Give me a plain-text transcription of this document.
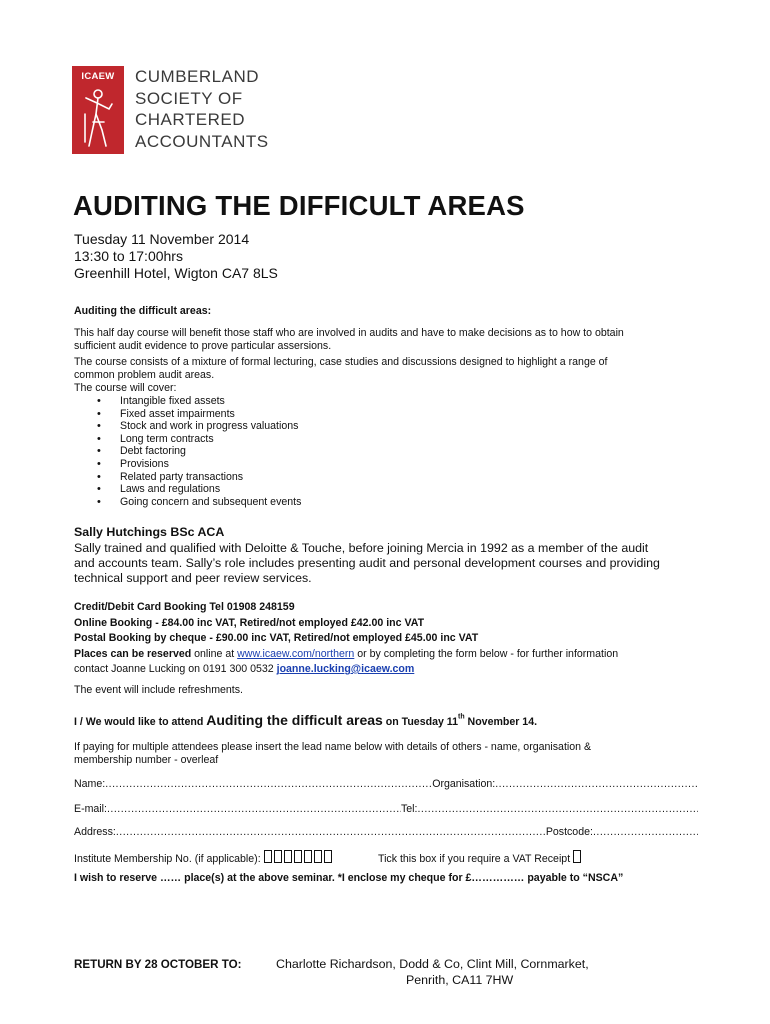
ICAEW	CUMBERLAND
SOCIETY OF
CHARTERED
ACCOUNTANTS
AUDITING THE DIFFICULT AREAS
Tuesday 11 November 2014
13:30 to 17:00hrs
Greenhill Hotel, Wigton CA7 8LS
Auditing the difficult areas:
This half day course will benefit those staff who are involved in audits and have to make decisions as to how to obtain
sufficient audit evidence to prove particular assersions.
The course consists of a mixture of formal lecturing, case studies and discussions designed to highlight a range of
common problem audit areas.
The course will cover:
• Intangible fixed assets
• Fixed asset impairments
• Stock and work in progress valuations
• Long term contracts
• Debt factoring
• Provisions
• Related party transactions
• Laws and regulations
• Going concern and subsequent events
Sally Hutchings BSc ACA
Sally trained and qualified with Deloitte & Touche, before joining Mercia in 1992 as a member of the audit
and accounts team. Sally’s role includes presenting audit and personal development courses and providing
technical support and peer review services.
Credit/Debit Card Booking Tel 01908 248159
Online Booking - £84.00 inc VAT, Retired/not employed £42.00 inc VAT
Postal Booking by cheque - £90.00 inc VAT, Retired/not employed £45.00 inc VAT
Places can be reserved online at www.icaew.com/northern or by completing the form below - for further information
contact Joanne Lucking on 0191 300 0532 joanne.lucking@icaew.com
The event will include refreshments.
I / We would like to attend Auditing the difficult areas on Tuesday 11th November 14.
If paying for multiple attendees please insert the lead name below with details of others - name, organisation &
membership number - overleaf
Name: .....	Organisation:
.....
E-mail: .....	Tel:
.....
Address: .....	Postcode:
.....
Institute Membership No. (if applicable):	Tick this box if you require a VAT Receipt
I wish to reserve …… place(s) at the above seminar. *I enclose my cheque for £…………… payable to “NSCA”
RETURN BY 28 OCTOBER TO:	Charlotte Richardson, Dodd & Co, Clint Mill, Cornmarket,
Penrith, CA11 7HW
